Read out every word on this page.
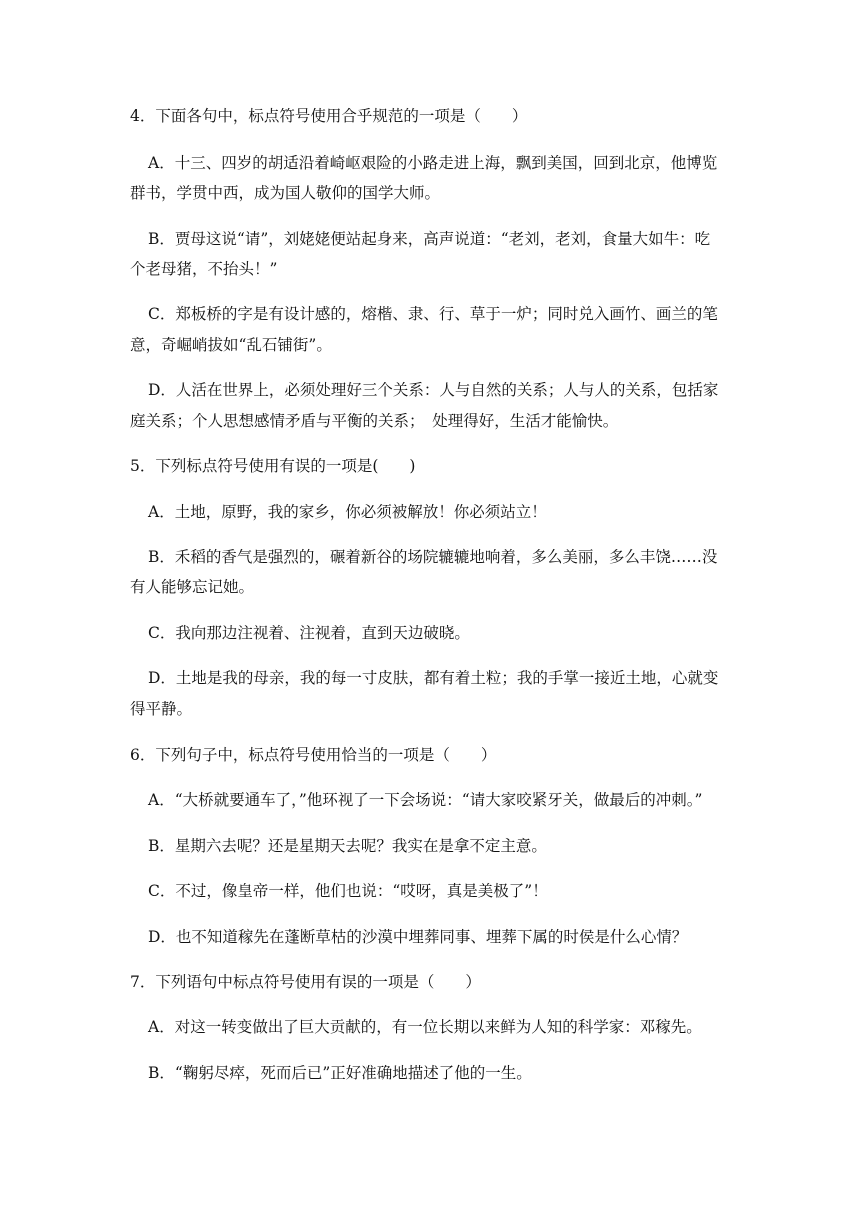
4．下面各句中，标点符号使用合乎规范的一项是（　　）
A．十三、四岁的胡适沿着崎岖艰险的小路走进上海，飘到美国，回到北京，他博览
群书，学贯中西，成为国人敬仰的国学大师。
B．贾母这说“请”，刘姥姥便站起身来，高声说道：“老刘，老刘，食量大如牛：吃
个老母猪，不抬头！”
C．郑板桥的字是有设计感的，熔楷、隶、行、草于一炉；同时兑入画竹、画兰的笔
意，奇崛峭拔如“乱石铺街”。
D．人活在世界上，必须处理好三个关系：人与自然的关系；人与人的关系，包括家
庭关系；个人思想感情矛盾与平衡的关系；　处理得好，生活才能愉快。
5．下列标点符号使用有误的一项是(　　)
A．土地，原野，我的家乡，你必须被解放！你必须站立！
B．禾稻的香气是强烈的，碾着新谷的场院辘辘地响着，多么美丽，多么丰饶……没
有人能够忘记她。
C．我向那边注视着、注视着，直到天边破晓。
D．土地是我的母亲，我的每一寸皮肤，都有着土粒；我的手掌一接近土地，心就变
得平静。
6．下列句子中，标点符号使用恰当的一项是（　　）
A．“大桥就要通车了，”他环视了一下会场说：“请大家咬紧牙关，做最后的冲刺。”
B．星期六去呢？还是星期天去呢？我实在是拿不定主意。
C．不过，像皇帝一样，他们也说：“哎呀，真是美极了”！
D．也不知道稼先在蓬断草枯的沙漠中埋葬同事、埋葬下属的时侯是什么心情？
7．下列语句中标点符号使用有误的一项是（　　）
A．对这一转变做出了巨大贡献的，有一位长期以来鲜为人知的科学家：邓稼先。
B．“鞠躬尽瘁，死而后已”正好准确地描述了他的一生。
